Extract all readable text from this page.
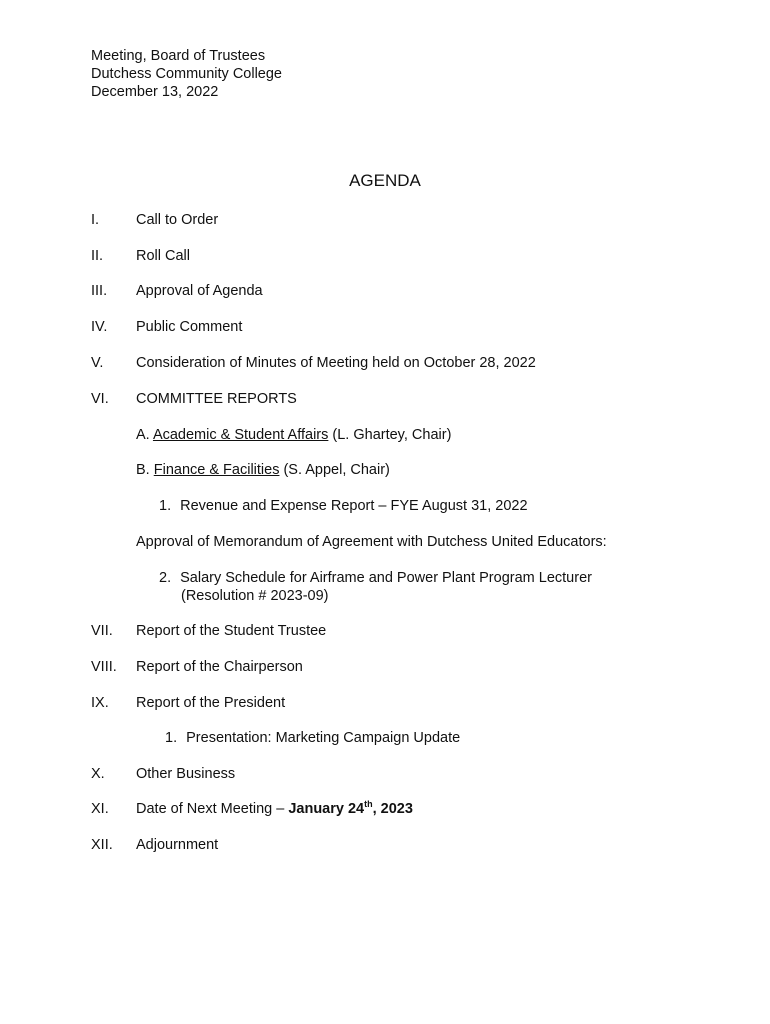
Meeting, Board of Trustees
Dutchess Community College
December 13, 2022
AGENDA
I.	Call to Order
II. Roll Call
III. Approval of Agenda
IV. Public Comment
V. Consideration of Minutes of Meeting held on October 28, 2022
VI. COMMITTEE REPORTS
A. Academic & Student Affairs (L. Ghartey, Chair)
B. Finance & Facilities (S. Appel, Chair)
1. Revenue and Expense Report – FYE August 31, 2022
Approval of Memorandum of Agreement with Dutchess United Educators:
2. Salary Schedule for Airframe and Power Plant Program Lecturer
(Resolution # 2023-09)
VII. Report of the Student Trustee
VIII. Report of the Chairperson
IX. Report of the President
1. Presentation: Marketing Campaign Update
X. Other Business
XI. Date of Next Meeting – January 24th, 2023
XII. Adjournment
